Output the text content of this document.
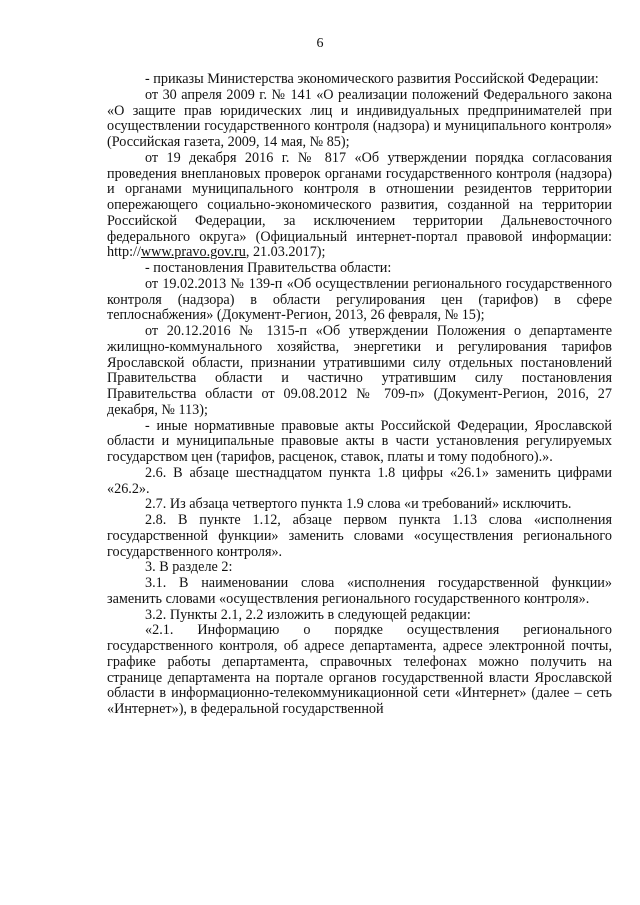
6

- приказы Министерства экономического развития Российской Федерации:

от 30 апреля 2009 г. № 141 «О реализации положений Федерального закона «О защите прав юридических лиц и индивидуальных предпринимателей при осуществлении государственного контроля (надзора) и муниципального контроля» (Российская газета, 2009, 14 мая, № 85);

от 19 декабря 2016 г. № 817 «Об утверждении порядка согласования проведения внеплановых проверок органами государственного контроля (надзора) и органами муниципального контроля в отношении резидентов территории опережающего социально-экономического развития, созданной на территории Российской Федерации, за исключением территории Дальневосточного федерального округа» (Официальный интернет-портал правовой информации: http://www.pravo.gov.ru, 21.03.2017);

- постановления Правительства области:

от 19.02.2013 № 139-п «Об осуществлении регионального государственного контроля (надзора) в области регулирования цен (тарифов) в сфере теплоснабжения» (Документ-Регион, 2013, 26 февраля, № 15);

от 20.12.2016 № 1315-п «Об утверждении Положения о департаменте жилищно-коммунального хозяйства, энергетики и регулирования тарифов Ярославской области, признании утратившими силу отдельных постановлений Правительства области и частично утратившим силу постановления Правительства области от 09.08.2012 № 709-п» (Документ-Регион, 2016, 27 декабря, № 113);

- иные нормативные правовые акты Российской Федерации, Ярославской области и муниципальные правовые акты в части установления регулируемых государством цен (тарифов, расценок, ставок, платы и тому подобного).».

2.6. В абзаце шестнадцатом пункта 1.8 цифры «26.1» заменить цифрами «26.2».

2.7. Из абзаца четвертого пункта 1.9 слова «и требований» исключить.

2.8. В пункте 1.12, абзаце первом пункта 1.13 слова «исполнения государственной функции» заменить словами «осуществления регионального государственного контроля».

3. В разделе 2:

3.1. В наименовании слова «исполнения государственной функции» заменить словами «осуществления регионального государственного контроля».

3.2. Пункты 2.1, 2.2 изложить в следующей редакции:

«2.1. Информацию о порядке осуществления регионального государственного контроля, об адресе департамента, адресе электронной почты, графике работы департамента, справочных телефонах можно получить на странице департамента на портале органов государственной власти Ярославской области в информационно-телекоммуникационной сети «Интернет» (далее – сеть «Интернет»), в федеральной государственной
